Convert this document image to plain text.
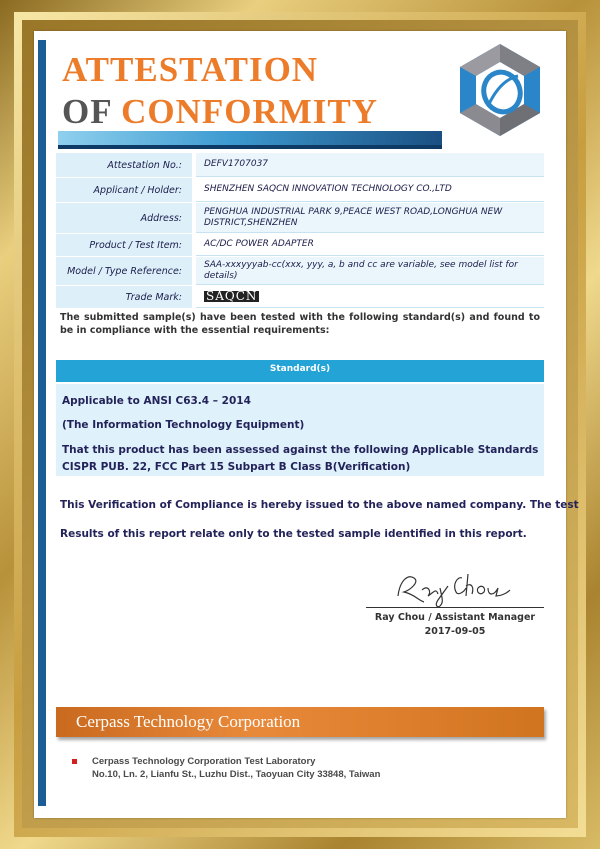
ATTESTATION
OF CONFORMITY
Attestation No.:	DEFV1707037
Applicant / Holder:	SHENZHEN SAQCN INNOVATION TECHNOLOGY CO.,LTD
Address:
PENGHUA INDUSTRIAL PARK 9,PEACE WEST ROAD,LONGHUA NEW DISTRICT,SHENZHEN
Product / Test Item:	AC/DC POWER ADAPTER
Model / Type Reference:
SAA-xxxyyyab-cc(xxx, yyy, a, b and cc are variable, see model list for details)
Trade Mark:	SAQCN
The submitted sample(s) have been tested with the following standard(s) and found to be in compliance with the essential requirements:
Standard(s)
Applicable to ANSI C63.4 – 2014
(The Information Technology Equipment)
That this product has been assessed against the following Applicable Standards
CISPR PUB. 22, FCC Part 15 Subpart B Class B(Verification)
This Verification of Compliance is hereby issued to the above named company. The test
Results of this report relate only to the tested sample identified in this report.
Ray Chou / Assistant Manager
2017-09-05
Cerpass Technology Corporation
Cerpass Technology Corporation Test Laboratory
No.10, Ln. 2, Lianfu St., Luzhu Dist., Taoyuan City 33848, Taiwan
